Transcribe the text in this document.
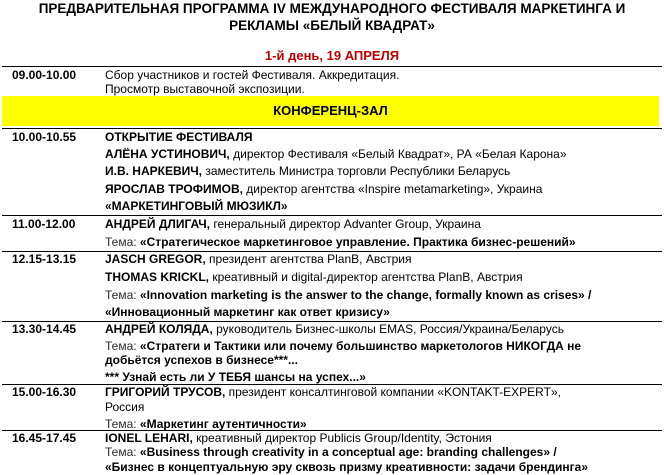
ПРЕДВАРИТЕЛЬНАЯ ПРОГРАММА IV МЕЖДУНАРОДНОГО ФЕСТИВАЛЯ МАРКЕТИНГА И
РЕКЛАМЫ «БЕЛЫЙ КВАДРАТ»
1-й день, 19 АПРЕЛЯ
09.00-10.00 Сбор участников и гостей Фестиваля. Аккредитация.
Просмотр выставочной экспозиции.
КОНФЕРЕНЦ-ЗАЛ
10.00-10.55 ОТКРЫТИЕ ФЕСТИВАЛЯ
АЛЁНА УСТИНОВИЧ, директор Фестиваля «Белый Квадрат», РА «Белая Карона»
И.В. НАРКЕВИЧ, заместитель Министра торговли Республики Беларусь
ЯРОСЛАВ ТРОФИМОВ, директор агентства «Inspire metamarketing», Украина
«МАРКЕТИНГОВЫЙ МЮЗИКЛ»
11.00-12.00 АНДРЕЙ ДЛИГАЧ, генеральный директор Advanter Group, Украина
Тема: «Стратегическое маркетинговое управление. Практика бизнес-решений»
12.15-13.15 JASCH GREGOR, президент агентства PlanB, Австрия
THOMAS KRICKL, креативный и digital-директор агентства PlanB, Австрия
Тема: «Innovation marketing is the answer to the change, formally known as crises» /
«Инновационный маркетинг как ответ кризису»
13.30-14.45 АНДРЕЙ КОЛЯДА, руководитель Бизнес-школы EMAS, Россия/Украина/Беларусь
Тема: «Стратеги и Тактики или почему большинство маркетологов НИКОГДА не
добьётся успехов в бизнесе***...
*** Узнай есть ли У ТЕБЯ шансы на успех...»
15.00-16.30 ГРИГОРИЙ ТРУСОВ, президент консалтинговой компании «KONTAKT-EXPERT»,
Россия
Тема: «Маркетинг аутентичности»
16.45-17.45 IONEL LEHARI, креативный директор Publicis Group/Identity, Эстония
Тема: «Business through creativity in a conceptual age: branding challenges» /
«Бизнес в концептуальную эру сквозь призму креативности: задачи брендинга»
